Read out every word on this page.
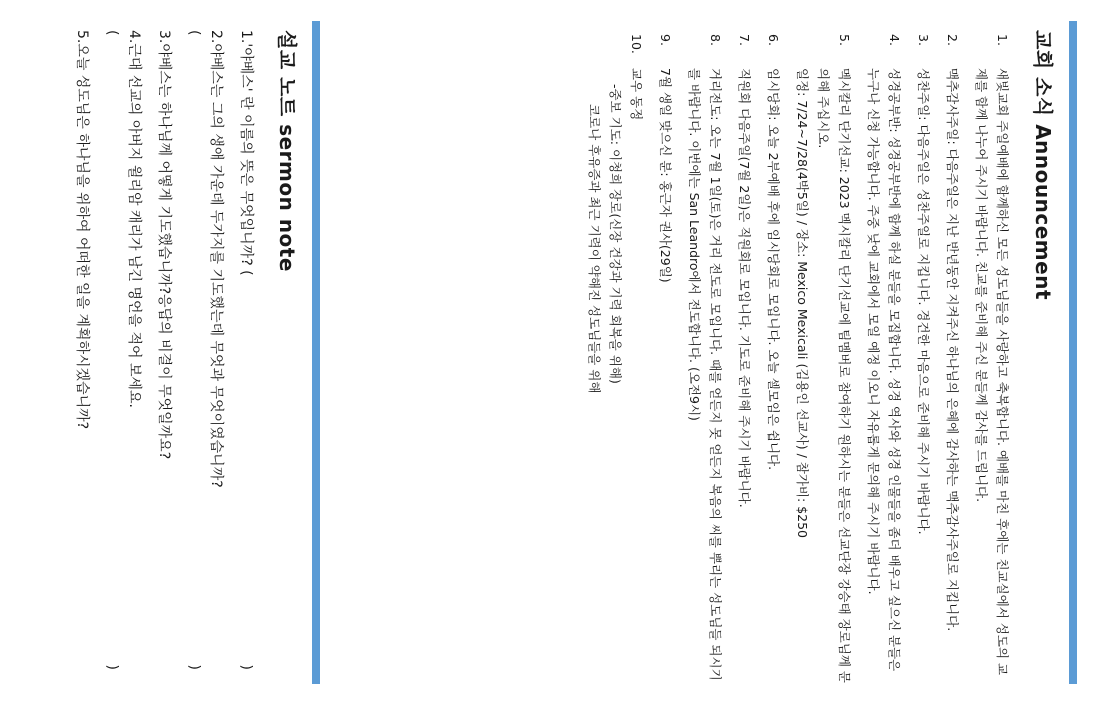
교회 소식 Announcement
1.
새빛교회 주일예배에 함께하신 모든 성도님들을 사랑하고 축복합니다. 예배를 마친 후에는 친교실에서 성도의 교제를 함께 나누어 주시기 바랍니다. 친교를 준비해 주신 분들께 감사를 드립니다.
2.
맥추감사주일: 다음주일은 지난 반년동안 지켜주신 하나님의 은혜에 감사하는 맥추감사주일로 지킵니다.
3.
성찬주일: 다음주일은 성찬주일로 지킵니다. 경건한 마음으로 준비해 주시기 바랍니다.
4.
성경공부반: 성경공부반에 함께 하실 분들을 모집합니다. 성경 역사와 성경 인물들을 좀더 배우고 싶으신 분들은 누구나 신청 가능합니다. 주중 낮에 교회에서 모일 예정 이오니 자유롭게 문의해 주시기 바랍니다.
5.
멕시칼리 단기선교: 2023 멕시칼리 단기선교에 팀멤버로 참여하기 원하시는 분들은 선교단장 강승태 장로님께 문의해 주십시오.
일정: 7/24~7/28(4박5일) / 장소: Mexico Mexicali (김용인 선교사) / 참가비: $250
6.
임시당회: 오늘 2부예배 후에 임시당회로 모입니다. 오늘 셀모임은 쉽니다.
7.
직원회 다음주일(7월 2일)은 직원회로 모입니다. 기도로 준비해 주시기 바랍니다.
8.
거리전도: 오는 7월 1일(토)은 거리 전도로 모입니다. 때를 얻든지 못 얻든지 복음의 씨를 뿌리는 성도님들 되시기를 바랍니다. 이번에는 San Leandro에서 전도합니다. (오전9시)
9.
7월 생일 맞으신 분: 홍근자 권사(29일)
10.
교우 동정
-중보 기도: 이청희 장로(신장 건강과 기력 회복을 위해)
코로나 후유증과 최근 기력이 약해진 성도님들을 위해
설교 노트 sermon note
1.'야베스' 란 이름의 뜻은 무엇입니까? (
)
2.야베스는 그의 생애 가운데 두가지를 기도했는데 무엇과 무엇이였습니까?
(
)
3.야베스는 하나님께 어떻게 기도했습니까?응답의 비결이 무엇일까요?
4.근대 선교의 아버지 윌리암 캐리가 남긴 명언을 적어 보세요.
(
)
5.오늘 성도님은 하나님을 위하여 어떠한 일을 계획하시겠습니까?
